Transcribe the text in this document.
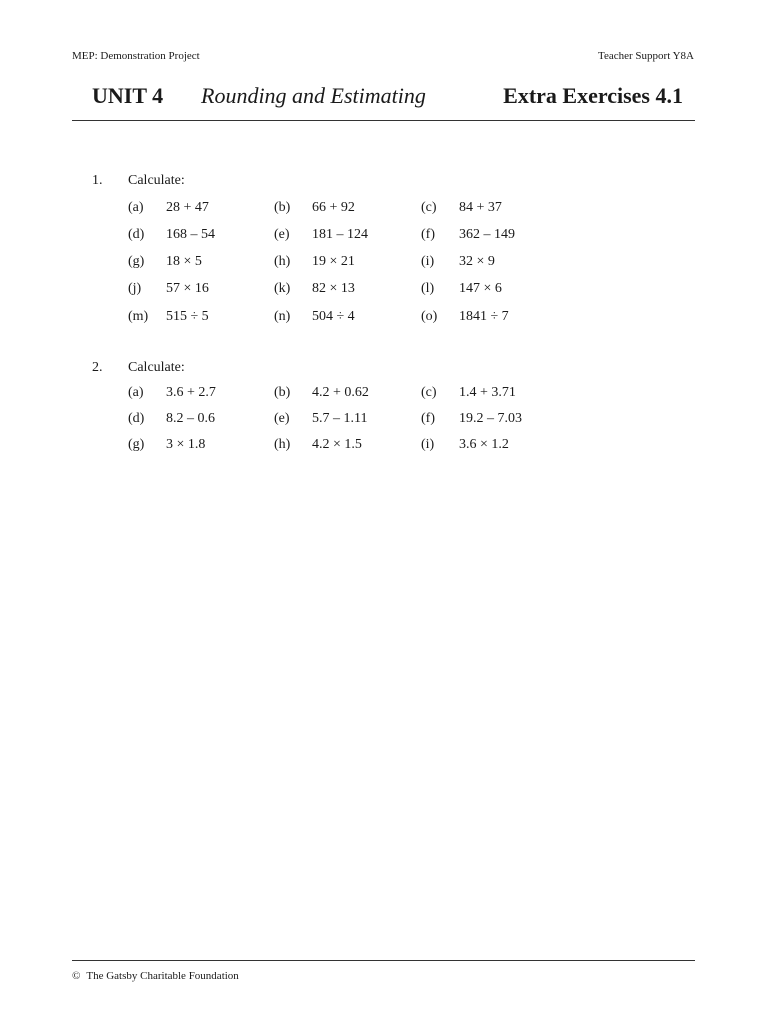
MEP: Demonstration Project	Teacher Support Y8A
UNIT 4 Rounding and Estimating	Extra Exercises 4.1
1. Calculate:
(a) 28 + 47	(b) 66 + 92	(c) 84 + 37
(d) 168 – 54	(e) 181 – 124	(f) 362 – 149
(g) 18 × 5	(h) 19 × 21	(i) 32 × 9
(j) 57 × 16	(k) 82 × 13	(l) 147 × 6
(m) 515 ÷ 5	(n) 504 ÷ 4	(o) 1841 ÷ 7
2. Calculate:
(a) 3.6 + 2.7	(b) 4.2 + 0.62	(c) 1.4 + 3.71
(d) 8.2 – 0.6	(e) 5.7 – 1.11	(f) 19.2 – 7.03
(g) 3 × 1.8	(h) 4.2 × 1.5	(i) 3.6 × 1.2
© The Gatsby Charitable Foundation
